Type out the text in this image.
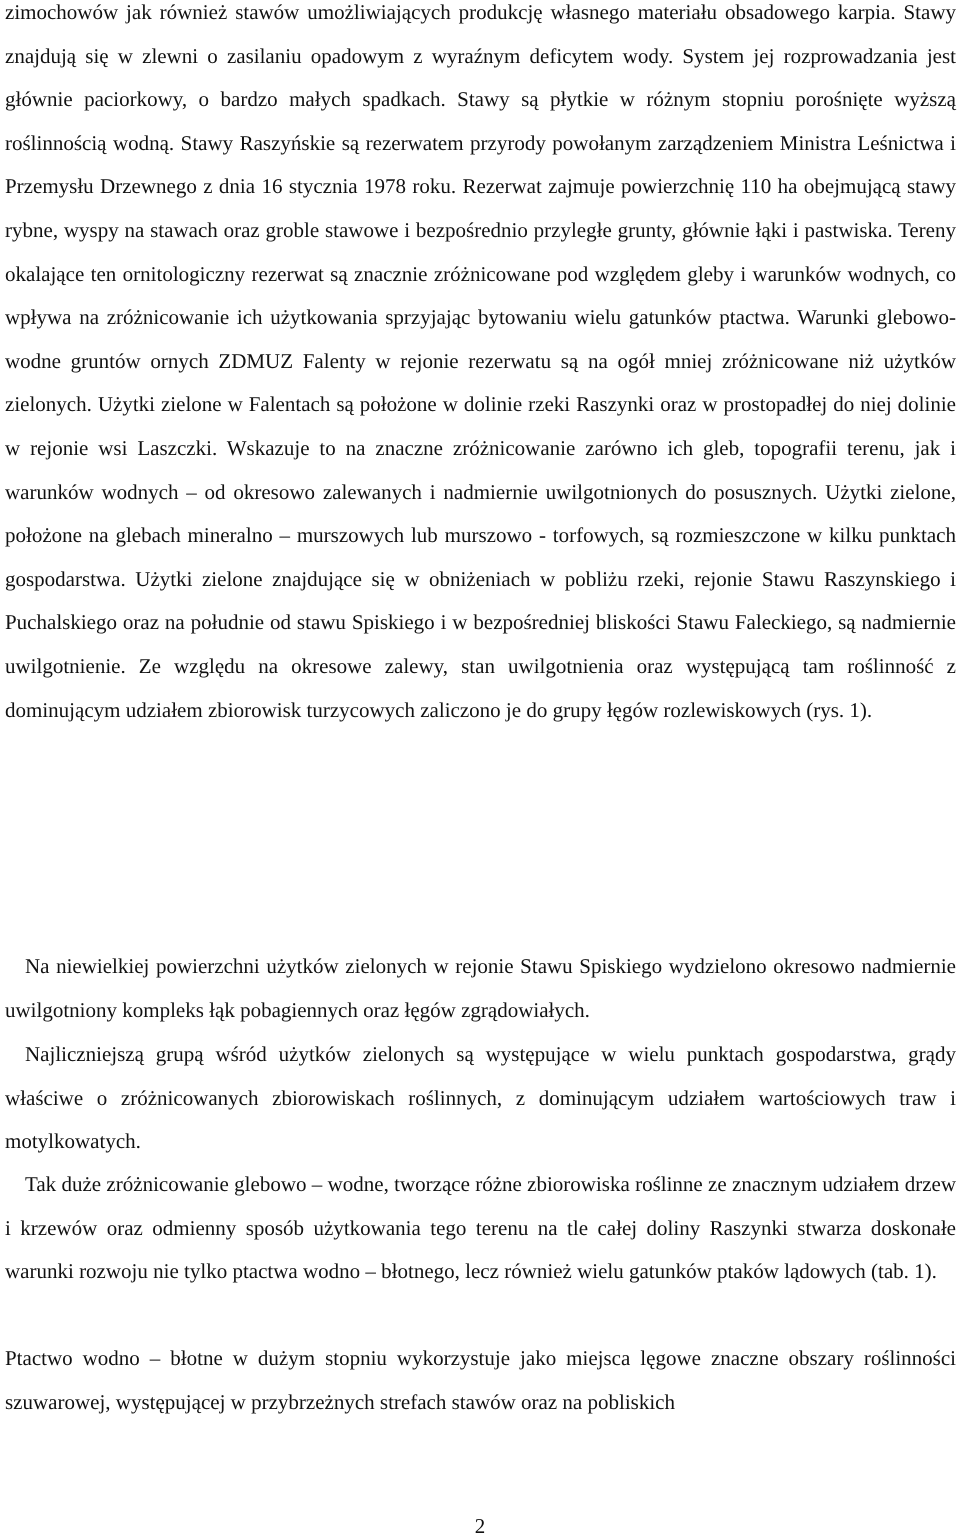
zimochowów jak również stawów umożliwiających produkcję własnego materiału obsadowego karpia. Stawy znajdują się w zlewni o zasilaniu opadowym z wyraźnym deficytem wody. System jej rozprowadzania jest głównie paciorkowy, o bardzo małych spadkach. Stawy są płytkie w różnym stopniu porośnięte wyższą roślinnością wodną. Stawy Raszyńskie są rezerwatem przyrody powołanym zarządzeniem Ministra Leśnictwa i Przemysłu Drzewnego z dnia 16 stycznia 1978 roku. Rezerwat zajmuje powierzchnię 110 ha obejmującą stawy rybne, wyspy na stawach oraz groble stawowe i bezpośrednio przyległe grunty, głównie łąki i pastwiska. Tereny okalające ten ornitologiczny rezerwat są znacznie zróżnicowane pod względem gleby i warunków wodnych, co wpływa na zróżnicowanie ich użytkowania sprzyjając bytowaniu wielu gatunków ptactwa. Warunki glebowo-wodne gruntów ornych ZDMUZ Falenty w rejonie rezerwatu są na ogół mniej zróżnicowane niż użytków zielonych. Użytki zielone w Falentach są położone w dolinie rzeki Raszynki oraz w prostopadłej do niej dolinie w rejonie wsi Laszczki. Wskazuje to na znaczne zróżnicowanie zarówno ich gleb, topografii terenu, jak i warunków wodnych – od okresowo zalewanych i nadmiernie uwilgotnionych do posusznych. Użytki zielone, położone na glebach mineralno – murszowych lub murszowo - torfowych, są rozmieszczone w kilku punktach gospodarstwa. Użytki zielone znajdujące się w obniżeniach w pobliżu rzeki, rejonie Stawu Raszynskiego i Puchalskiego oraz na południe od stawu Spiskiego i w bezpośredniej bliskości Stawu Faleckiego, są nadmiernie uwilgotnienie. Ze względu na okresowe zalewy, stan uwilgotnienia oraz występującą tam roślinność z dominującym udziałem zbiorowisk turzycowych zaliczono je do grupy łęgów rozlewiskowych (rys. 1).

Na niewielkiej powierzchni użytków zielonych w rejonie Stawu Spiskiego wydzielono okresowo nadmiernie uwilgotniony kompleks łąk pobagiennych oraz łęgów zgrądowiałych.

Najliczniejszą grupą wśród użytków zielonych są występujące w wielu punktach gospodarstwa, grądy właściwe o zróżnicowanych zbiorowiskach roślinnych, z dominującym udziałem wartościowych traw i motylkowatych.

Tak duże zróżnicowanie glebowo – wodne, tworzące różne zbiorowiska roślinne ze znacznym udziałem drzew i krzewów oraz odmienny sposób użytkowania tego terenu na tle całej doliny Raszynki stwarza doskonałe warunki rozwoju nie tylko ptactwa wodno – błotnego, lecz również wielu gatunków ptaków lądowych (tab. 1).

Ptactwo wodno – błotne w dużym stopniu wykorzystuje jako miejsca lęgowe znaczne obszary roślinności szuwarowej, występującej w przybrzeżnych strefach stawów oraz na pobliskich

2
